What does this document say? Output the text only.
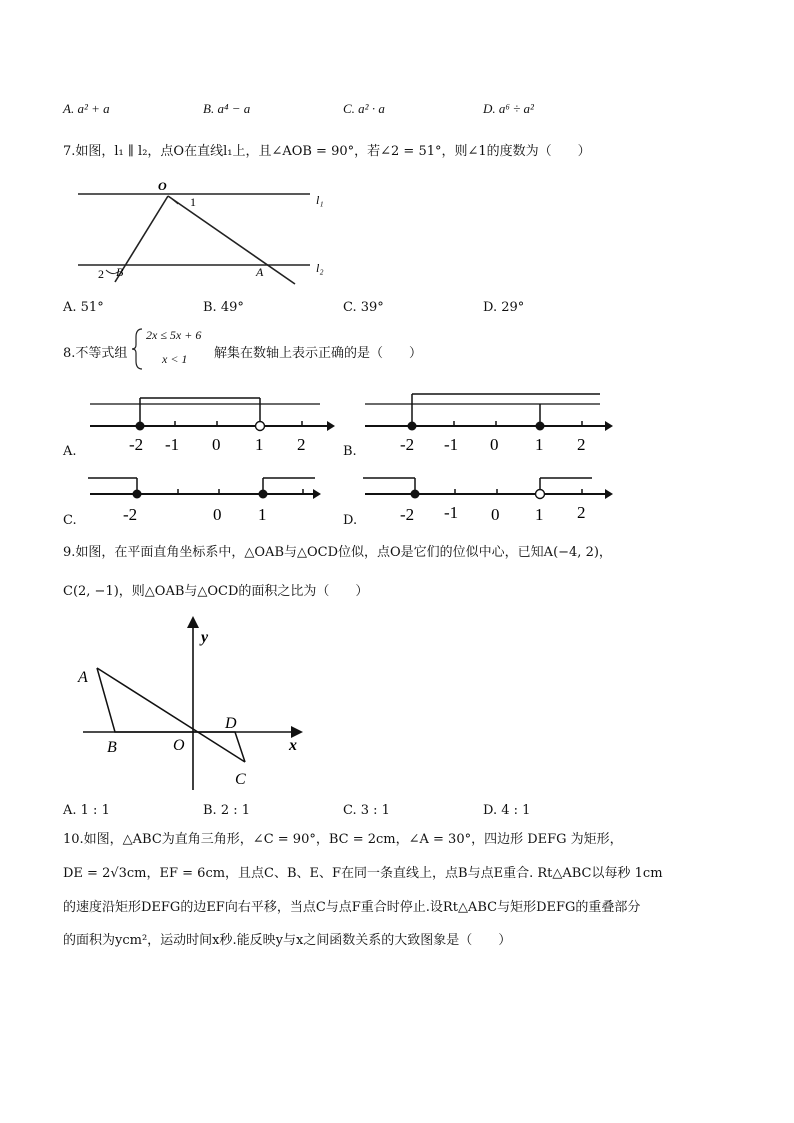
A. a² + a	B. a⁴ − a	C. a² · a	D. a⁶ ÷ a²
7.如图，l₁ ∥ l₂，点O在直线l₁上，且∠AOB = 90°，若∠2 = 51°，则∠1的度数为（　　）
O
1	l₁
2 B	A	l₂
A. 51°	B. 49°	C. 39°	D. 29°
8.不等式组
2x ≤ 5x + 6
x < 1 解集在数轴上表示正确的是（　　）
-2 -1 0 1 2
A.	-2 -1 0 1 2
B.
-2	0 1
C.	-2 -1 0 1 2
D.
9.如图，在平面直角坐标系中，△OAB与△OCD位似，点O是它们的位似中心，已知A(−4, 2)，
C(2, −1)，则△OAB与△OCD的面积之比为（　　）
y
x
A
B	O
D
C
A. 1 : 1	B. 2 : 1	C. 3 : 1	D. 4 : 1
10.如图，△ABC为直角三角形，∠C = 90°，BC = 2cm，∠A = 30°，四边形 DEFG 为矩形，
DE = 2√3cm，EF = 6cm，且点C、B、E、F在同一条直线上，点B与点E重合. Rt△ABC以每秒 1cm
的速度沿矩形DEFG的边EF向右平移，当点C与点F重合时停止.设Rt△ABC与矩形DEFG的重叠部分
的面积为ycm²，运动时间x秒.能反映y与x之间函数关系的大致图象是（　　）
